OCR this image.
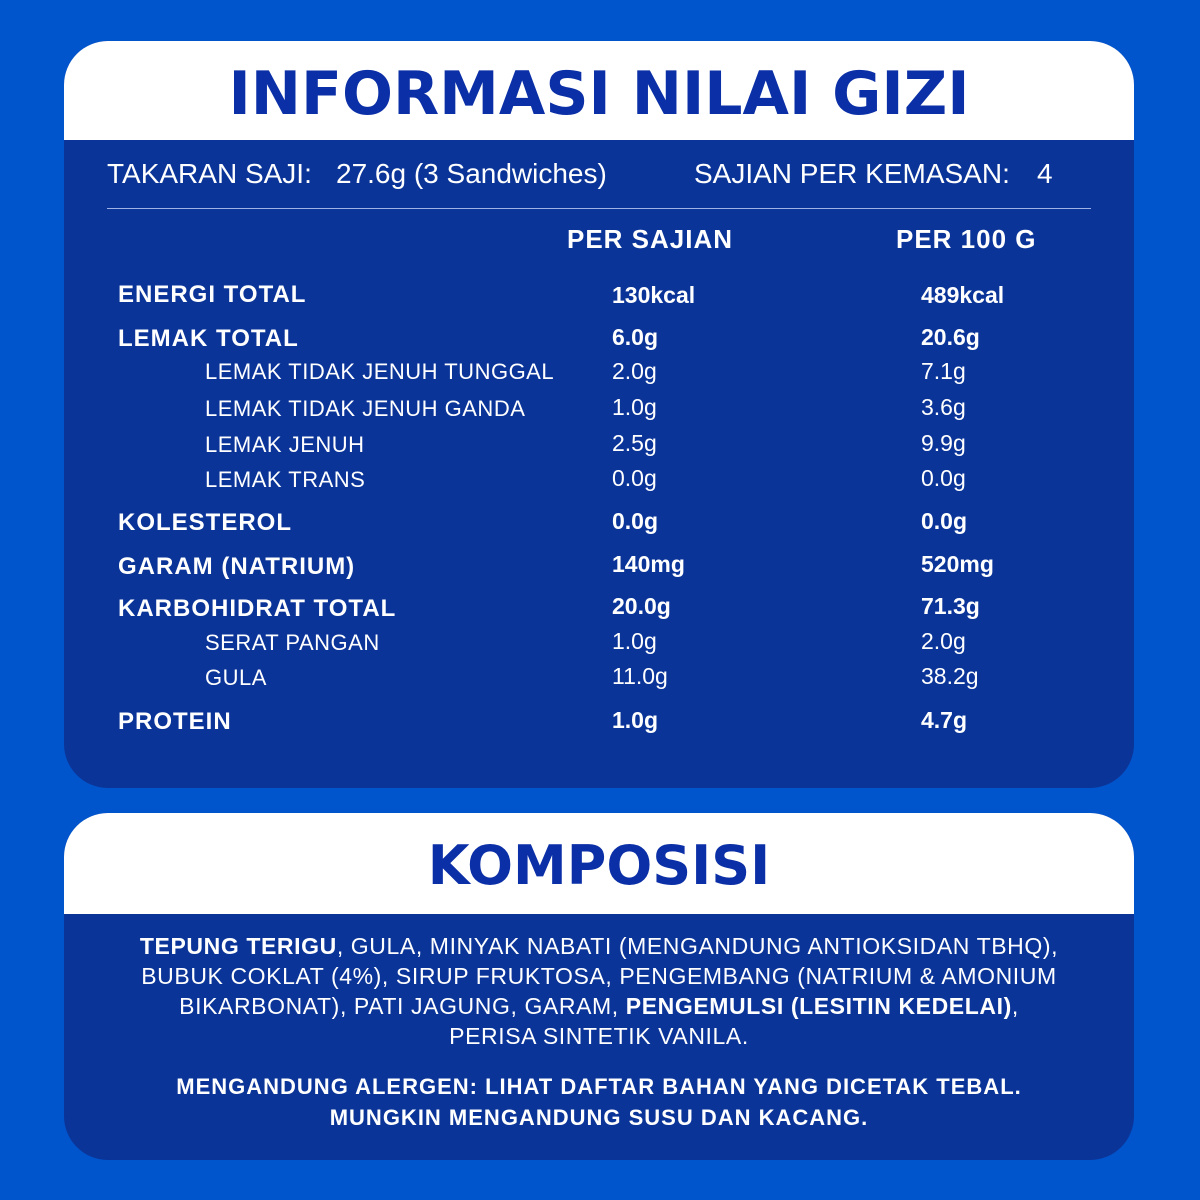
INFORMASI NILAI GIZI
TAKARAN SAJI: 27.6g (3 Sandwiches)	SAJIAN PER KEMASAN: 4
PER SAJIAN	PER 100 G
ENERGI TOTAL	130kcal	489kcal
LEMAK TOTAL	6.0g	20.6g
LEMAK TIDAK JENUH TUNGGAL	2.0g	7.1g
LEMAK TIDAK JENUH GANDA	1.0g	3.6g
LEMAK JENUH	2.5g	9.9g
LEMAK TRANS	0.0g	0.0g
KOLESTEROL	0.0g	0.0g
GARAM (NATRIUM)	140mg	520mg
KARBOHIDRAT TOTAL	20.0g	71.3g
SERAT PANGAN	1.0g	2.0g
GULA	11.0g	38.2g
PROTEIN	1.0g	4.7g
KOMPOSISI
TEPUNG TERIGU, GULA, MINYAK NABATI (MENGANDUNG ANTIOKSIDAN TBHQ),
BUBUK COKLAT (4%), SIRUP FRUKTOSA, PENGEMBANG (NATRIUM & AMONIUM
BIKARBONAT), PATI JAGUNG, GARAM, PENGEMULSI (LESITIN KEDELAI),
PERISA SINTETIK VANILA.
MENGANDUNG ALERGEN: LIHAT DAFTAR BAHAN YANG DICETAK TEBAL.
MUNGKIN MENGANDUNG SUSU DAN KACANG.
